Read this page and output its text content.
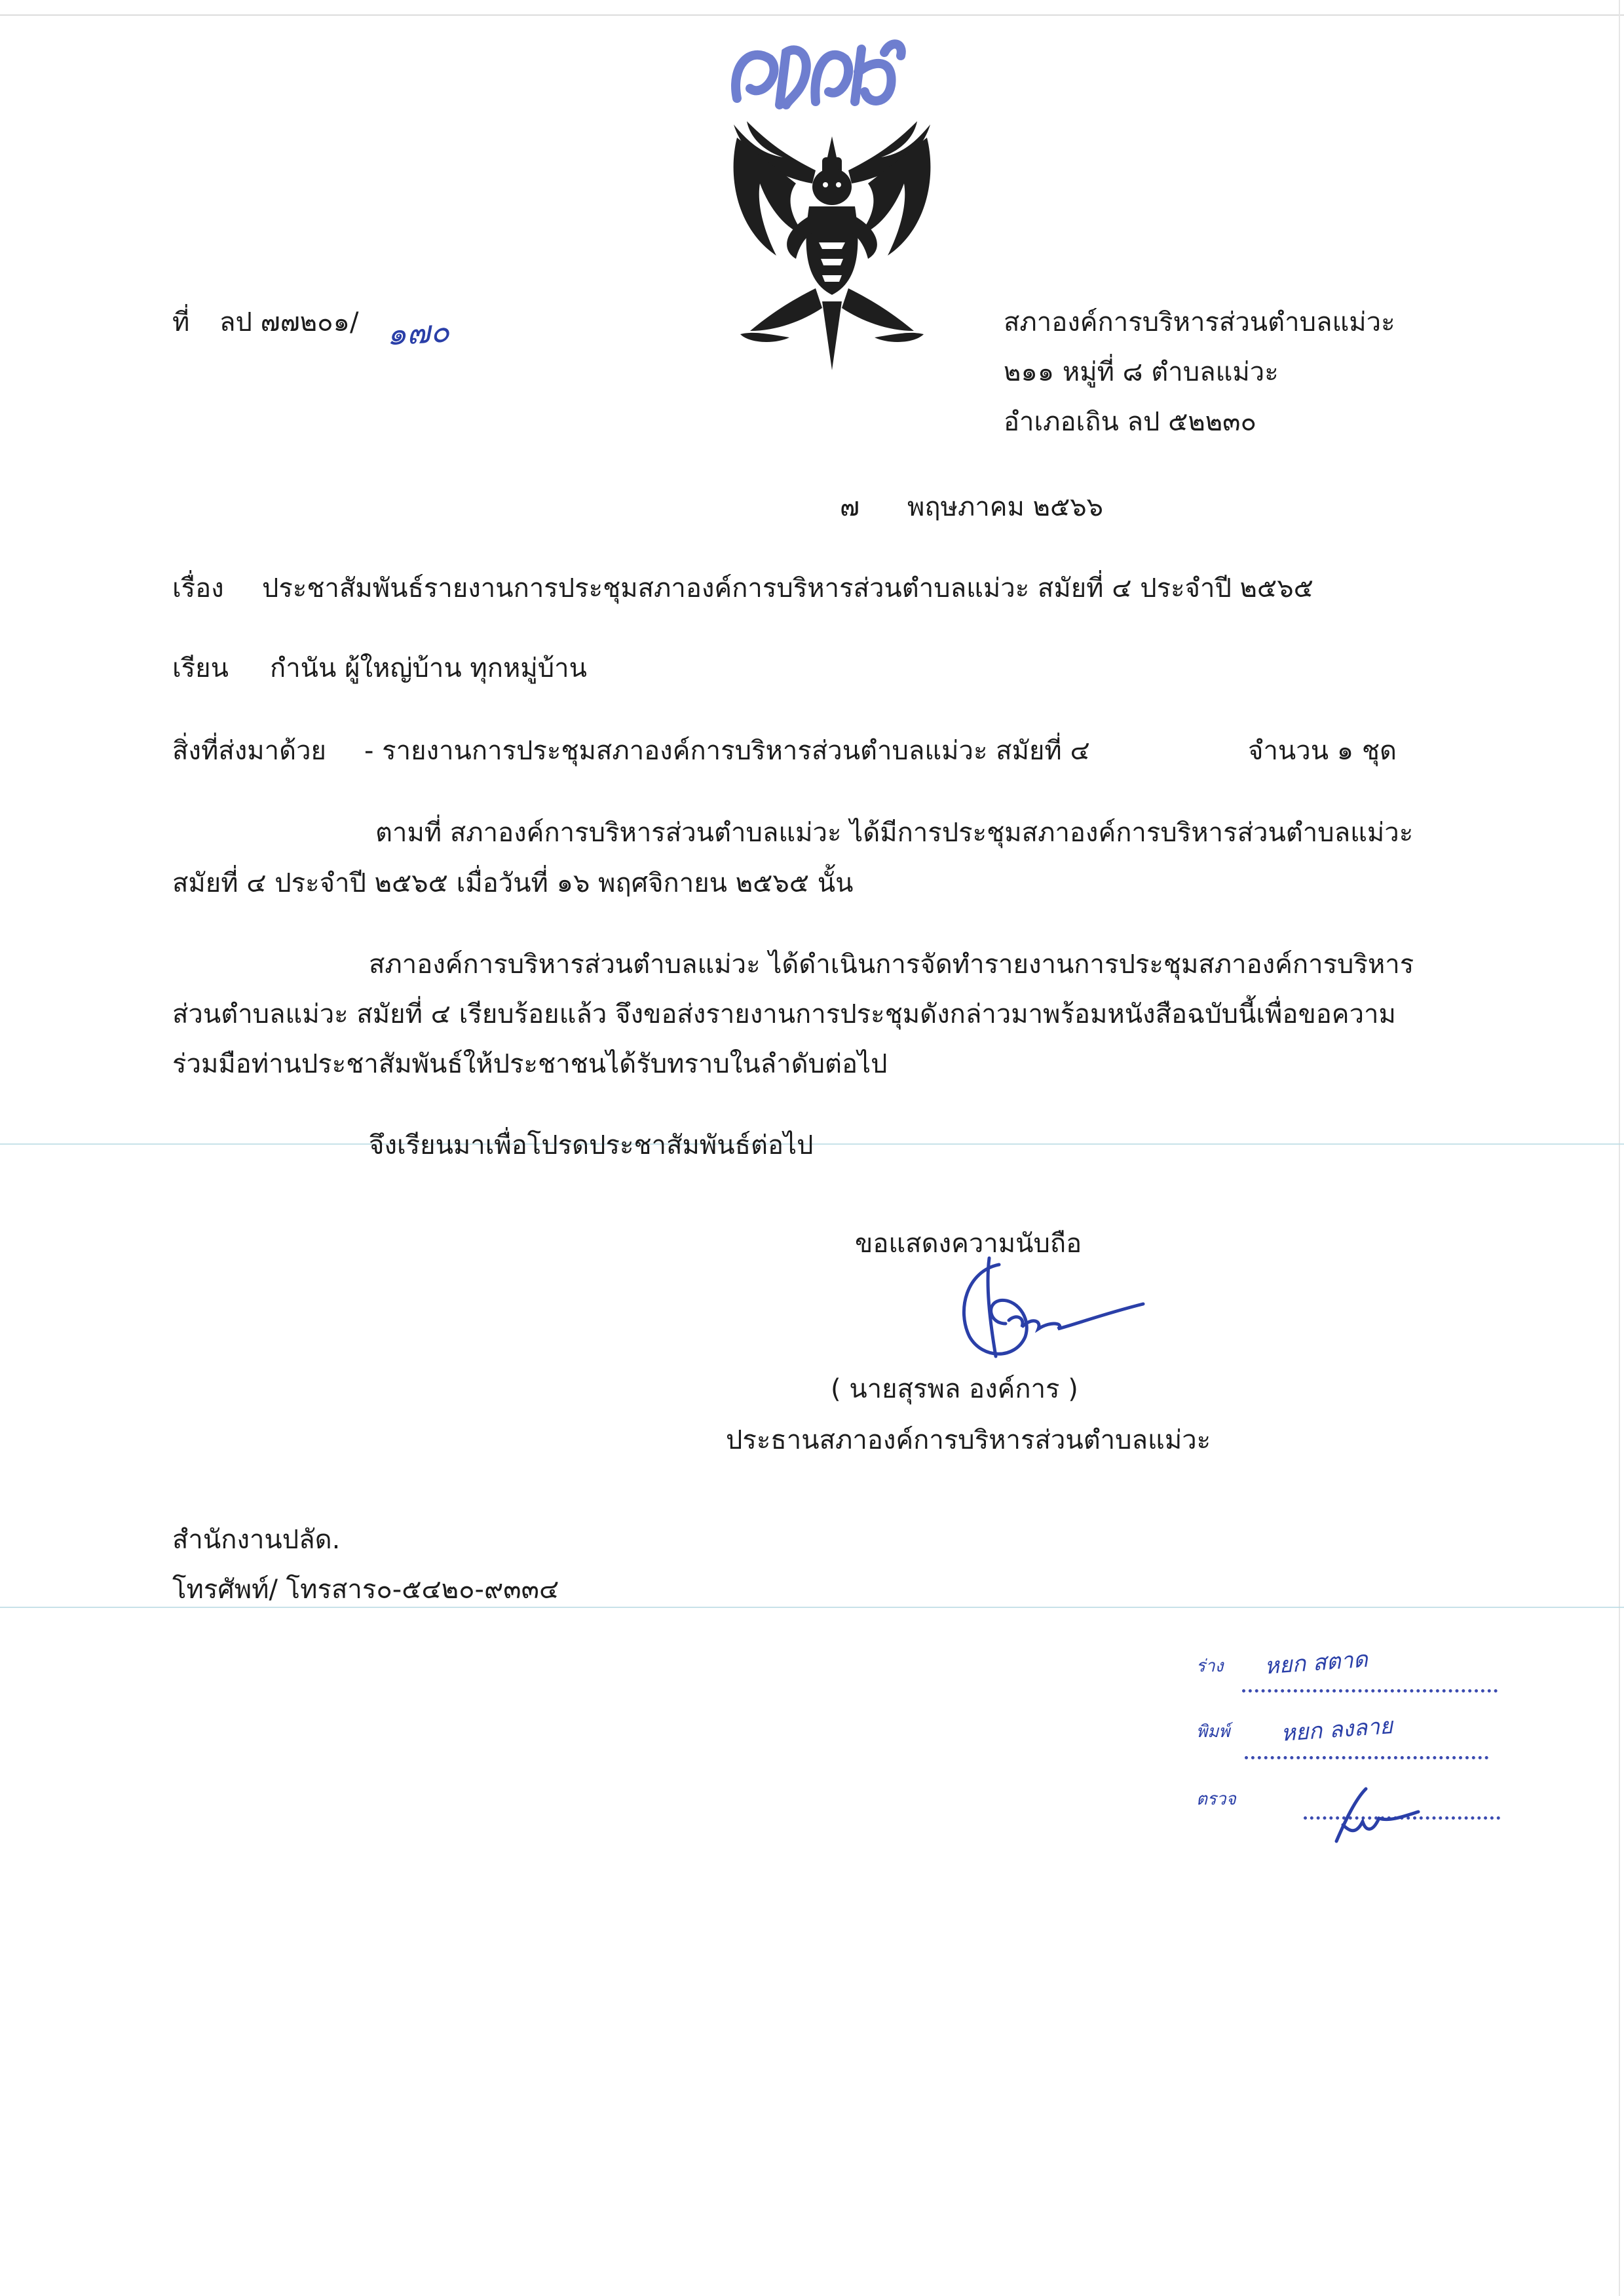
ที่ ลป ๗๗๒๐๑/ ๑๗๐	สภาองค์การบริหารส่วนตำบลแม่วะ
๒๑๑ หมู่ที่ ๘ ตำบลแม่วะ
อำเภอเถิน ลป ๕๒๒๓๐
๗ พฤษภาคม ๒๕๖๖
เรื่อง ประชาสัมพันธ์รายงานการประชุมสภาองค์การบริหารส่วนตำบลแม่วะ สมัยที่ ๔ ประจำปี ๒๕๖๕
เรียน กำนัน ผู้ใหญ่บ้าน ทุกหมู่บ้าน
สิ่งที่ส่งมาด้วย - รายงานการประชุมสภาองค์การบริหารส่วนตำบลแม่วะ สมัยที่ ๔	จำนวน ๑ ชุด
ตามที่ สภาองค์การบริหารส่วนตำบลแม่วะ ได้มีการประชุมสภาองค์การบริหารส่วนตำบลแม่วะ
สมัยที่ ๔ ประจำปี ๒๕๖๕ เมื่อวันที่ ๑๖ พฤศจิกายน ๒๕๖๕ นั้น
สภาองค์การบริหารส่วนตำบลแม่วะ ได้ดำเนินการจัดทำรายงานการประชุมสภาองค์การบริหาร
ส่วนตำบลแม่วะ สมัยที่ ๔ เรียบร้อยแล้ว จึงขอส่งรายงานการประชุมดังกล่าวมาพร้อมหนังสือฉบับนี้เพื่อขอความ
ร่วมมือท่านประชาสัมพันธ์ให้ประชาชนได้รับทราบในลำดับต่อไป
จึงเรียนมาเพื่อโปรดประชาสัมพันธ์ต่อไป
ขอแสดงความนับถือ
( นายสุรพล องค์การ )
ประธานสภาองค์การบริหารส่วนตำบลแม่วะ
สำนักงานปลัด.
โทรศัพท์/ โทรสาร๐-๕๔๒๐-๙๓๓๔
ร่าง หยก สตาด
พิมพ์ หยก ลงลาย
ตรวจ
